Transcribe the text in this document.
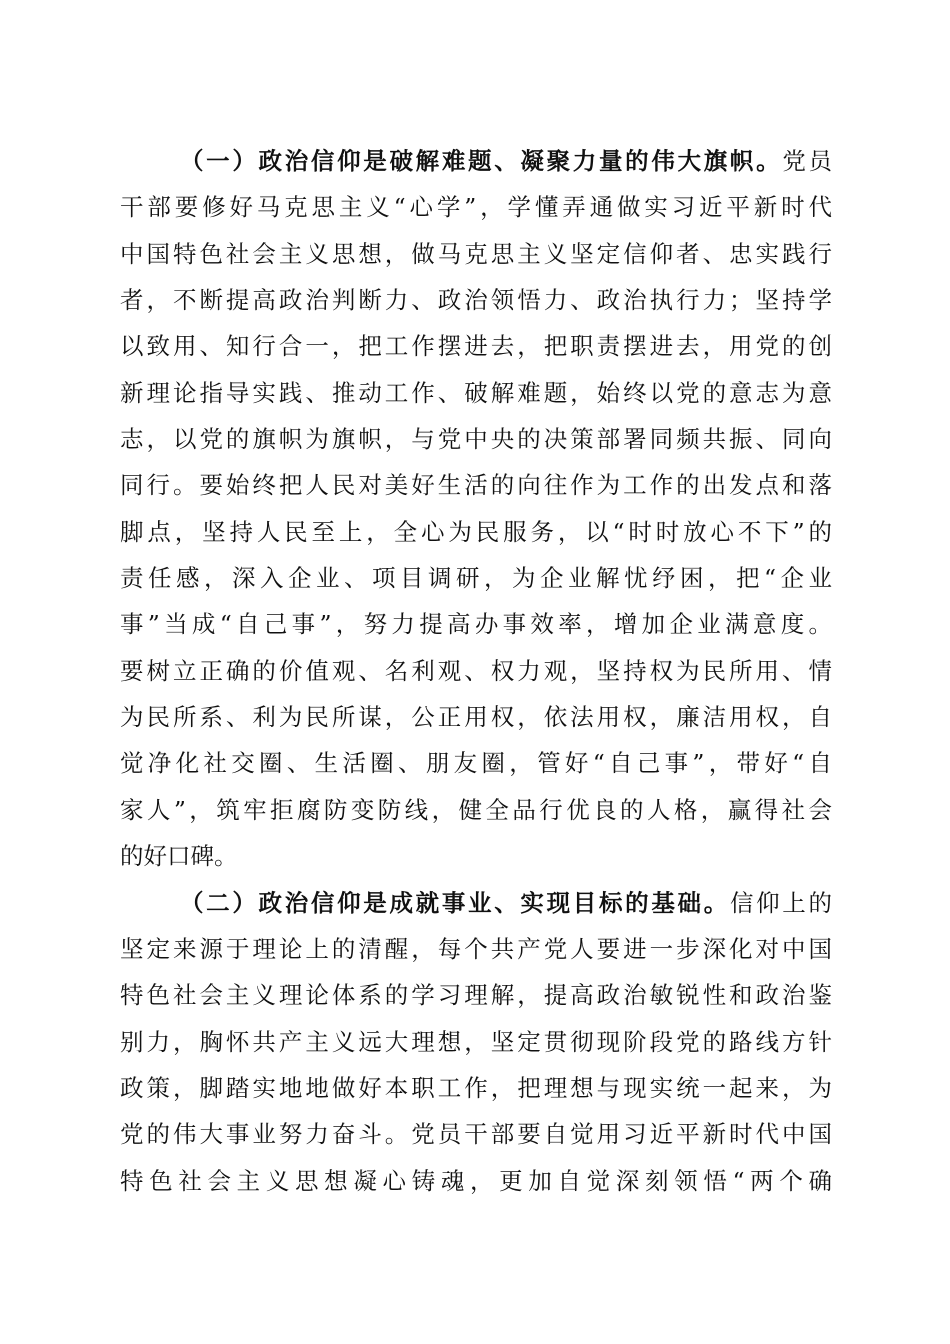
（一）政治信仰是破解难题、凝聚力量的伟大旗帜。党员
干部要修好马克思主义“心学”，学懂弄通做实习近平新时代
中国特色社会主义思想，做马克思主义坚定信仰者、忠实践行
者，不断提高政治判断力、政治领悟力、政治执行力；坚持学
以致用、知行合一，把工作摆进去，把职责摆进去，用党的创
新理论指导实践、推动工作、破解难题，始终以党的意志为意
志，以党的旗帜为旗帜，与党中央的决策部署同频共振、同向
同行。要始终把人民对美好生活的向往作为工作的出发点和落
脚点，坚持人民至上，全心为民服务，以“时时放心不下”的
责任感，深入企业、项目调研，为企业解忧纾困，把“企业
事”当成“自己事”，努力提高办事效率，增加企业满意度。
要树立正确的价值观、名利观、权力观，坚持权为民所用、情
为民所系、利为民所谋，公正用权，依法用权，廉洁用权，自
觉净化社交圈、生活圈、朋友圈，管好“自己事”，带好“自
家人”，筑牢拒腐防变防线，健全品行优良的人格，赢得社会
的好口碑。
（二）政治信仰是成就事业、实现目标的基础。信仰上的
坚定来源于理论上的清醒，每个共产党人要进一步深化对中国
特色社会主义理论体系的学习理解，提高政治敏锐性和政治鉴
别力，胸怀共产主义远大理想，坚定贯彻现阶段党的路线方针
政策，脚踏实地地做好本职工作，把理想与现实统一起来，为
党的伟大事业努力奋斗。党员干部要自觉用习近平新时代中国
特色社会主义思想凝心铸魂，更加自觉深刻领悟“两个确
